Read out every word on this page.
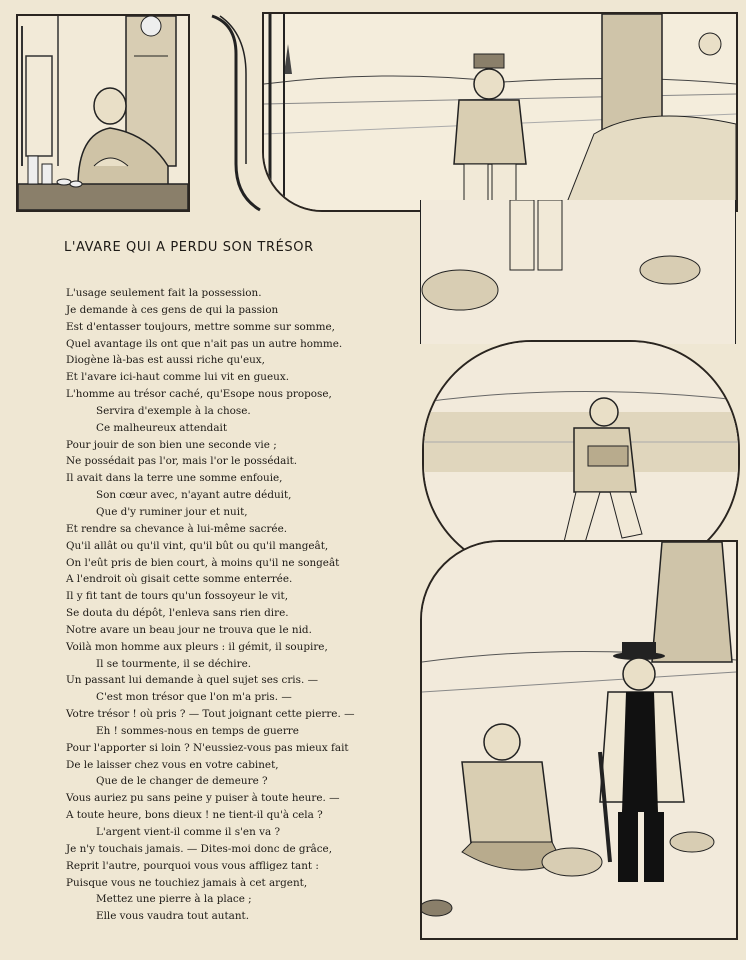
L'AVARE QUI A PERDU SON TRÉSOR
L'usage seulement fait la possession.
Je demande à ces gens de qui la passion
Est d'entasser toujours, mettre somme sur somme,
Quel avantage ils ont que n'ait pas un autre homme.
Diogène là-bas est aussi riche qu'eux,
Et l'avare ici-haut comme lui vit en gueux.
L'homme au trésor caché, qu'Esope nous propose,
Servira d'exemple à la chose.
Ce malheureux attendait
Pour jouir de son bien une seconde vie ;
Ne possédait pas l'or, mais l'or le possédait.
Il avait dans la terre une somme enfouie,
Son cœur avec, n'ayant autre déduit,
Que d'y ruminer jour et nuit,
Et rendre sa chevance à lui-même sacrée.
Qu'il allât ou qu'il vint, qu'il bût ou qu'il mangeât,
On l'eût pris de bien court, à moins qu'il ne songeât
A l'endroit où gisait cette somme enterrée.
Il y fit tant de tours qu'un fossoyeur le vit,
Se douta du dépôt, l'enleva sans rien dire.
Notre avare un beau jour ne trouva que le nid.
Voilà mon homme aux pleurs : il gémit, il soupire,
Il se tourmente, il se déchire.
Un passant lui demande à quel sujet ses cris. —
C'est mon trésor que l'on m'a pris. —
Votre trésor ! où pris ? — Tout joignant cette pierre. —
Eh ! sommes-nous en temps de guerre
Pour l'apporter si loin ? N'eussiez-vous pas mieux fait
De le laisser chez vous en votre cabinet,
Que de le changer de demeure ?
Vous auriez pu sans peine y puiser à toute heure. —
A toute heure, bons dieux ! ne tient-il qu'à cela ?
L'argent vient-il comme il s'en va ?
Je n'y touchais jamais. — Dites-moi donc de grâce,
Reprit l'autre, pourquoi vous vous affligez tant :
Puisque vous ne touchiez jamais à cet argent,
Mettez une pierre à la place ;
Elle vous vaudra tout autant.
